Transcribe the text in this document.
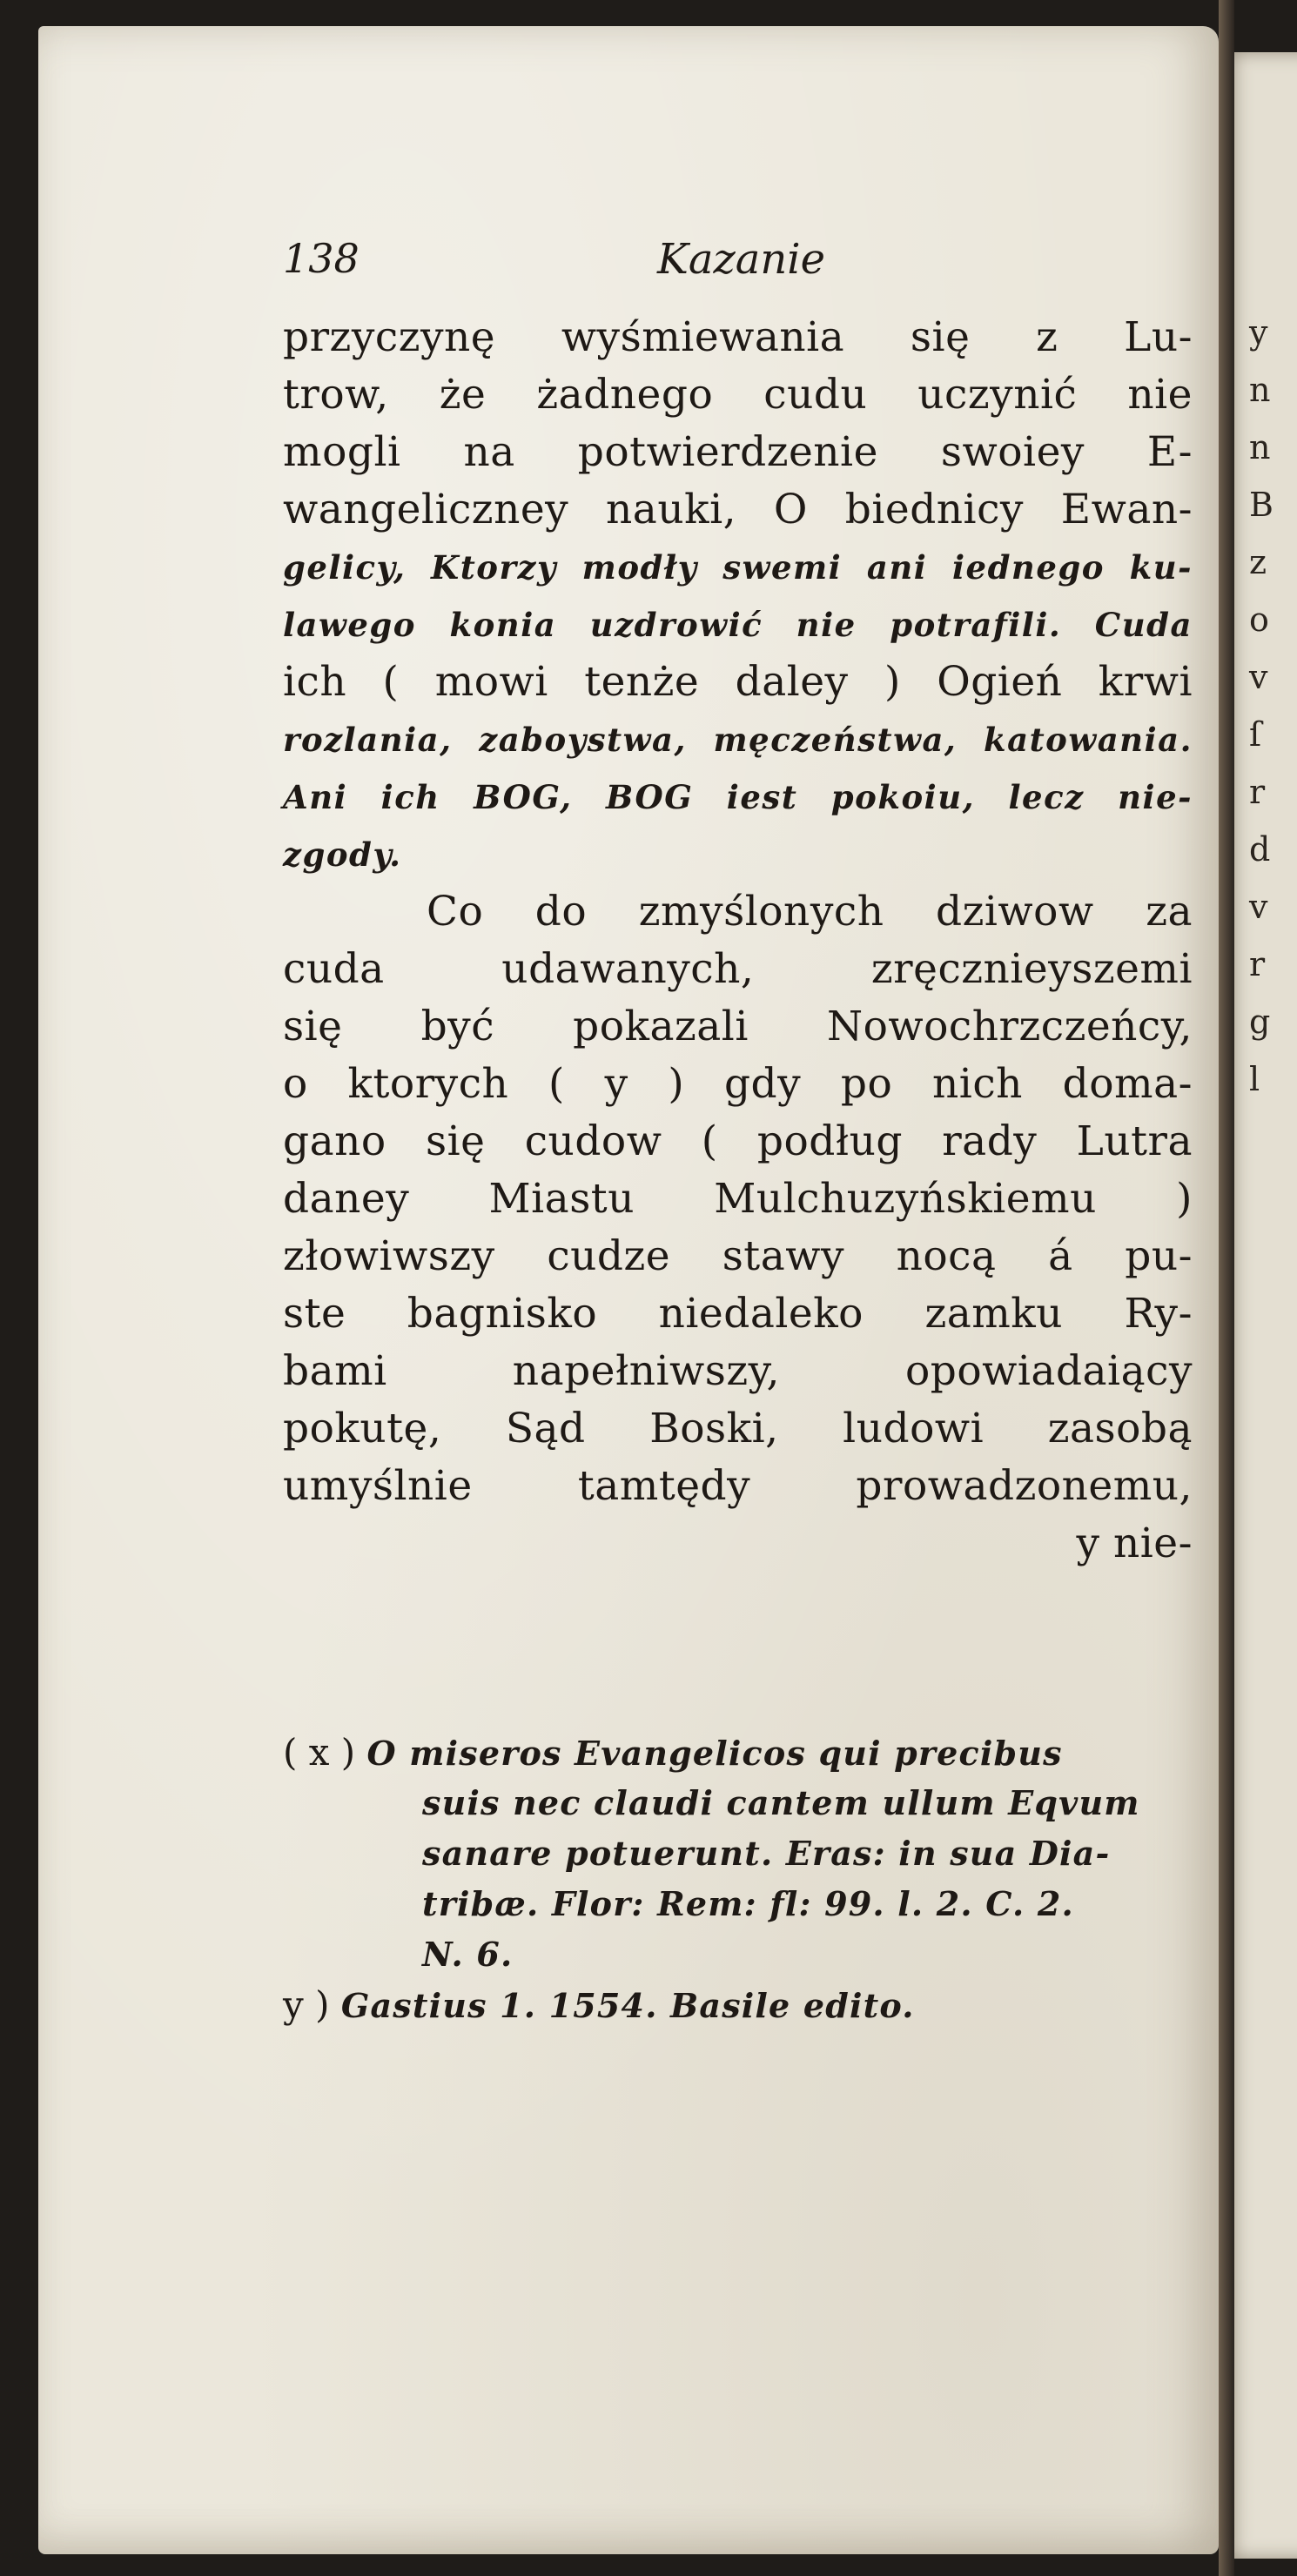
y
n
n
B
z
o
v
ſ
r
d
v
r
g
l
138	Kazanie
przyczynę wyśmiewania się z Lu-
trow, że żadnego cudu uczynić nie
mogli na potwierdzenie swoiey E-
wangeliczney nauki, O biednicy Ewan-
gelicy, Ktorzy modły swemi ani iednego ku-
lawego konia uzdrowić nie potrafili. Cuda
ich ( mowi tenże daley ) Ogień krwi
rozlania, zaboystwa, męczeństwa, katowania.
Ani ich BOG, BOG iest pokoiu, lecz nie-
zgody.
Co do zmyślonych dziwow za
cuda udawanych, zręcznieyszemi
się być pokazali Nowochrzczeńcy,
o ktorych ( y ) gdy po nich doma-
gano się cudow ( podług rady Lutra
daney Miastu Mulchuzyńskiemu )
złowiwszy cudze stawy nocą á pu-
ste bagnisko niedaleko zamku Ry-
bami napełniwszy, opowiadaiący
pokutę, Sąd Boski, ludowi zasobą
umyślnie tamtędy prowadzonemu,
y nie-
( x ) O miseros Evangelicos qui precibus
suis nec claudi cantem ullum Eqvum
sanare potuerunt. Eras: in sua Dia-
tribæ. Flor: Rem: fl: 99. l. 2. C. 2.
N. 6.
y ) Gastius 1. 1554. Basile edito.
